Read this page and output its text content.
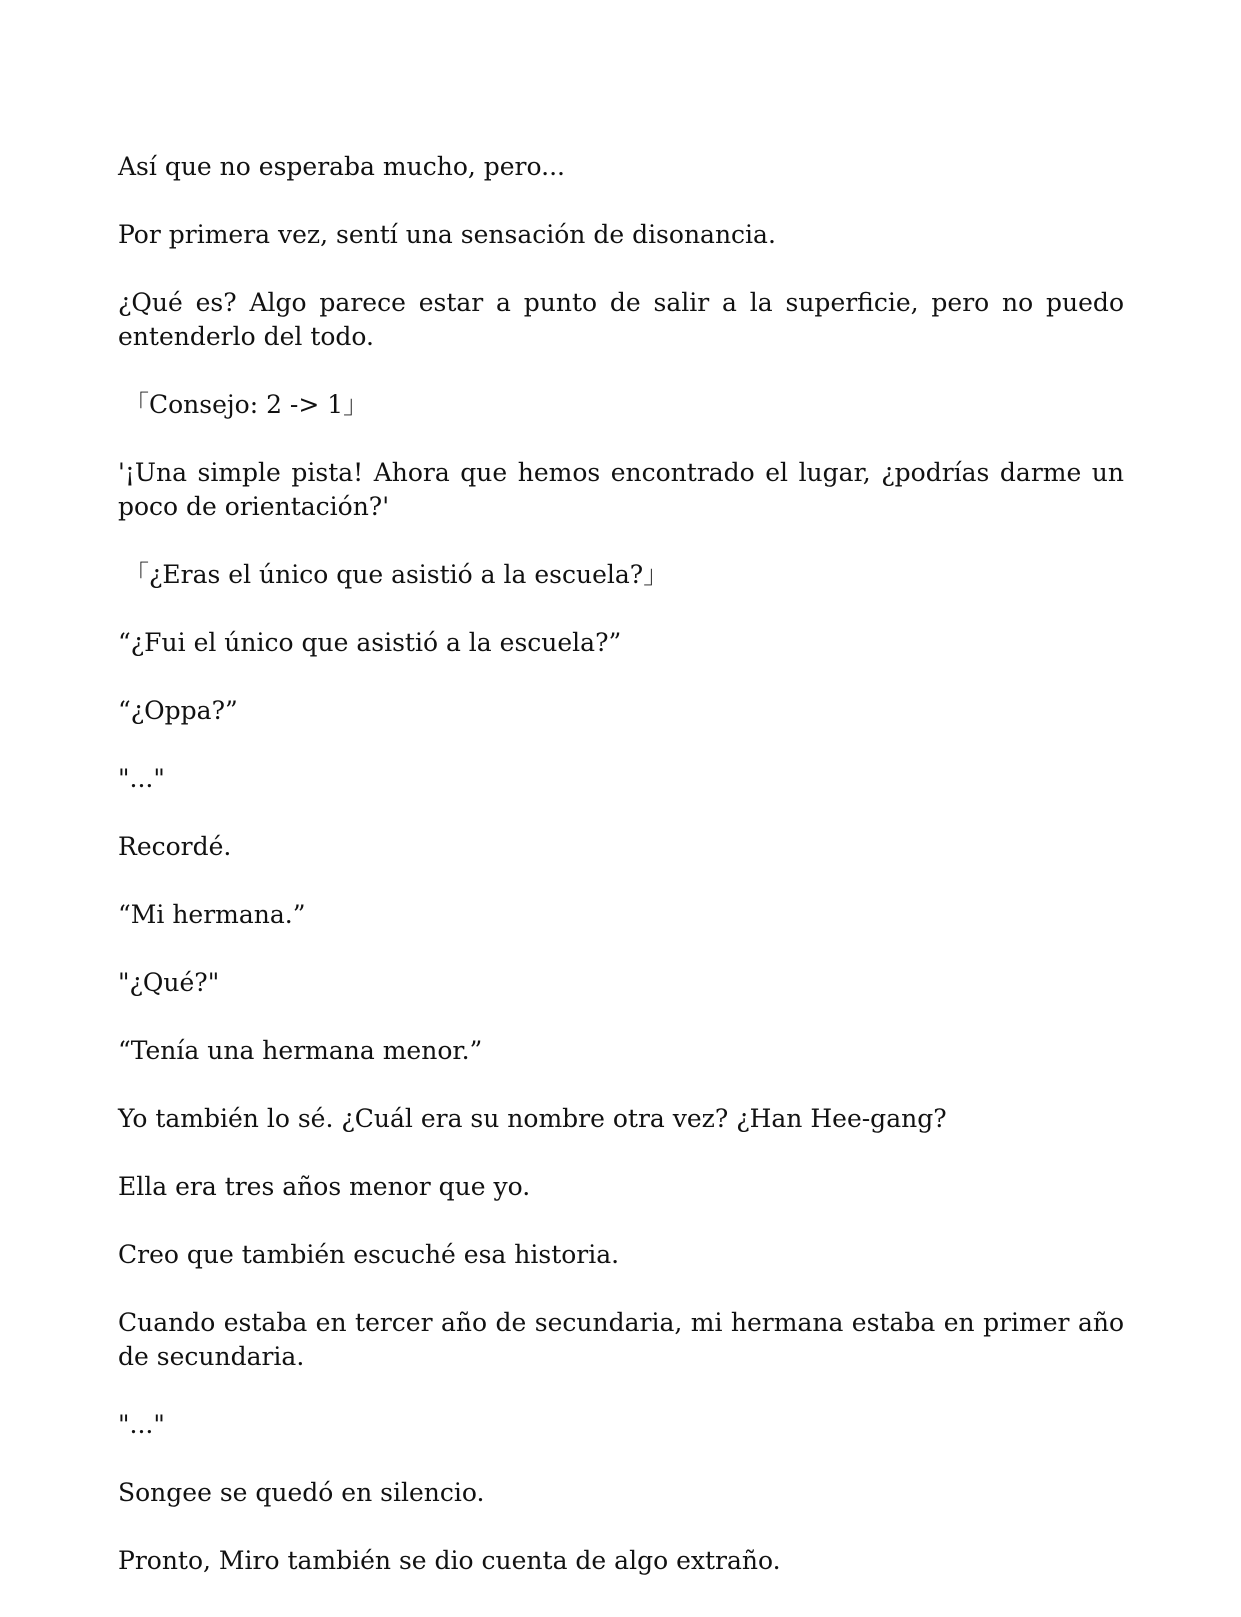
Así que no esperaba mucho, pero...

Por primera vez, sentí una sensación de disonancia.

¿Qué es? Algo parece estar a punto de salir a la superficie, pero no puedo entenderlo del todo.

「Consejo: 2 -> 1」

'¡Una simple pista! Ahora que hemos encontrado el lugar, ¿podrías darme un poco de orientación?'

「¿Eras el único que asistió a la escuela?」

“¿Fui el único que asistió a la escuela?”

“¿Oppa?”

"..."

Recordé.

“Mi hermana.”

"¿Qué?"

“Tenía una hermana menor.”

Yo también lo sé. ¿Cuál era su nombre otra vez? ¿Han Hee-gang?

Ella era tres años menor que yo.

Creo que también escuché esa historia.

Cuando estaba en tercer año de secundaria, mi hermana estaba en primer año de secundaria.

"..."

Songee se quedó en silencio.

Pronto, Miro también se dio cuenta de algo extraño.
